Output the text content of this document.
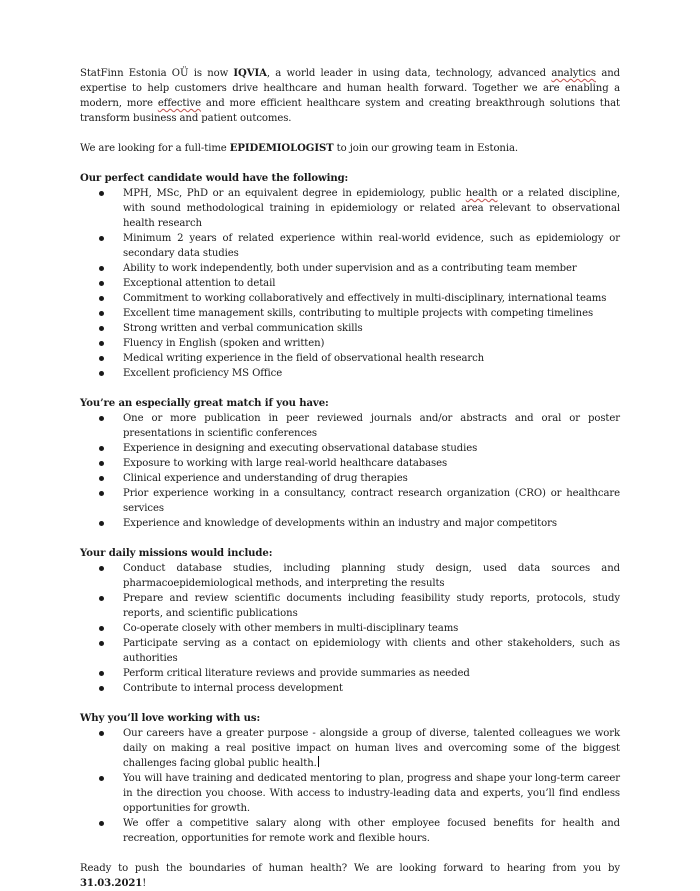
StatFinn Estonia OÜ is now IQVIA, a world leader in using data, technology, advanced analytics and expertise to help customers drive healthcare and human health forward. Together we are enabling a modern, more effective and more efficient healthcare system and creating breakthrough solutions that transform business and patient outcomes.

We are looking for a full-time EPIDEMIOLOGIST to join our growing team in Estonia.

Our perfect candidate would have the following:

MPH, MSc, PhD or an equivalent degree in epidemiology, public health or a related discipline, with sound methodological training in epidemiology or related area relevant to observational health research
Minimum 2 years of related experience within real-world evidence, such as epidemiology or secondary data studies
Ability to work independently, both under supervision and as a contributing team member
Exceptional attention to detail
Commitment to working collaboratively and effectively in multi-disciplinary, international teams
Excellent time management skills, contributing to multiple projects with competing timelines
Strong written and verbal communication skills
Fluency in English (spoken and written)
Medical writing experience in the field of observational health research
Excellent proficiency MS Office

You’re an especially great match if you have:

One or more publication in peer reviewed journals and/or abstracts and oral or poster presentations in scientific conferences
Experience in designing and executing observational database studies
Exposure to working with large real-world healthcare databases
Clinical experience and understanding of drug therapies
Prior experience working in a consultancy, contract research organization (CRO) or healthcare services
Experience and knowledge of developments within an industry and major competitors

Your daily missions would include:

Conduct database studies, including planning study design, used data sources and pharmacoepidemiological methods, and interpreting the results
Prepare and review scientific documents including feasibility study reports, protocols, study reports, and scientific publications
Co-operate closely with other members in multi-disciplinary teams
Participate serving as a contact on epidemiology with clients and other stakeholders, such as authorities
Perform critical literature reviews and provide summaries as needed
Contribute to internal process development

Why you’ll love working with us:

Our careers have a greater purpose - alongside a group of diverse, talented colleagues we work daily on making a real positive impact on human lives and overcoming some of the biggest challenges facing global public health.
You will have training and dedicated mentoring to plan, progress and shape your long-term career in the direction you choose. With access to industry-leading data and experts, you’ll find endless opportunities for growth.
We offer a competitive salary along with other employee focused benefits for health and recreation, opportunities for remote work and flexible hours.

Ready to push the boundaries of human health? We are looking forward to hearing from you by 31.03.2021!
